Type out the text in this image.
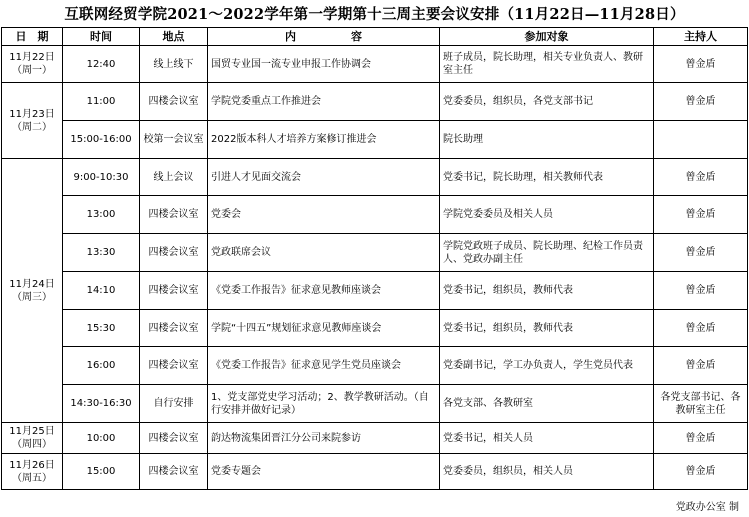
互联网经贸学院2021～2022学年第一学期第十三周主要会议安排（11月22日—11月28日）
日　期	时间	地点	内　　　　　容	参加对象	主持人

11月22日
（周一）	12:40	线上线下	国贸专业国一流专业申报工作协调会	班子成员，院长助理，相关专业负责人、教研室主任	曾金盾

11月23日
（周二）	11:00	四楼会议室	学院党委重点工作推进会	党委委员，组织员，各党支部书记	曾金盾
	15:00-16:00	校第一会议室	2022版本科人才培养方案修订推进会	院长助理	

11月24日
（周三）	9:00-10:30	线上会议	引进人才见面交流会	党委书记，院长助理，相关教师代表	曾金盾
	13:00	四楼会议室	党委会	学院党委委员及相关人员	曾金盾
	13:30	四楼会议室	党政联席会议	学院党政班子成员、院长助理、纪检工作员责人、党政办副主任	曾金盾
	14:10	四楼会议室	《党委工作报告》征求意见教师座谈会	党委书记，组织员，教师代表	曾金盾
	15:30	四楼会议室	学院“十四五”规划征求意见教师座谈会	党委书记，组织员，教师代表	曾金盾
	16:00	四楼会议室	《党委工作报告》征求意见学生党员座谈会	党委副书记，学工办负责人，学生党员代表	曾金盾
	14:30-16:30	自行安排	1、党支部党史学习活动；2、教学教研活动。（自行安排并做好记录）	各党支部、各教研室	各党支部书记、各教研室主任

11月25日
（周四）	10:00	四楼会议室	韵达物流集团晋江分公司来院参访	党委书记，相关人员	曾金盾

11月26日
（周五）	15:00	四楼会议室	党委专题会	党委委员，组织员，相关人员	曾金盾
党政办公室 制
